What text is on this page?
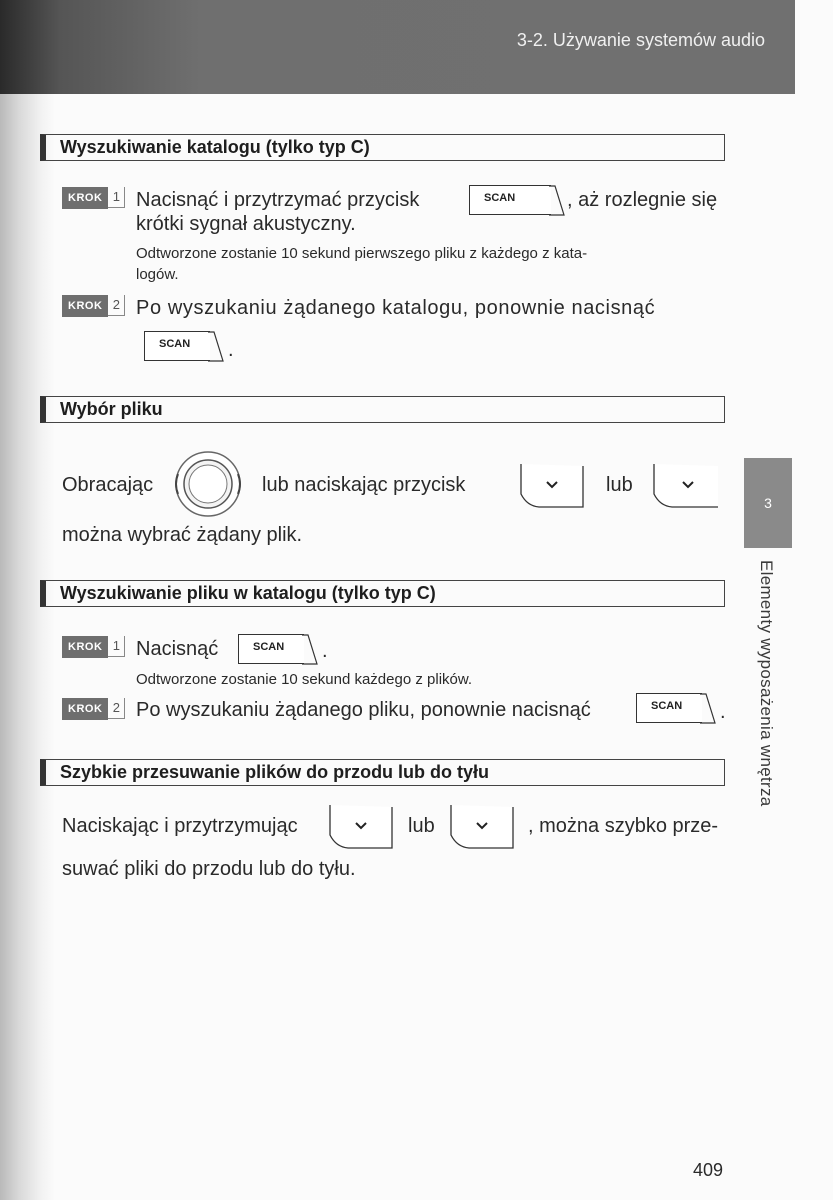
3-2. Używanie systemów audio
3
Elementy wyposażenia wnętrza
Wyszukiwanie katalogu (tylko typ C)
KROK 1 Nacisnąć i przytrzymać przycisk	SCAN	, aż rozlegnie się
krótki sygnał akustyczny.
Odtworzone zostanie 10 sekund pierwszego pliku z każdego z kata-
logów.
KROK 2 Po wyszukaniu żądanego katalogu, ponownie nacisnąć
SCAN .
Wybór pliku
Obracając	lub naciskając przycisk	lub
można wybrać żądany plik.
Wyszukiwanie pliku w katalogu (tylko typ C)
KROK 1 Nacisnąć	SCAN .
Odtworzone zostanie 10 sekund każdego z plików.
KROK 2 Po wyszukaniu żądanego pliku, ponownie nacisnąć	SCAN .
Szybkie przesuwanie plików do przodu lub do tyłu
Naciskając i przytrzymując	lub	, można szybko prze-
suwać pliki do przodu lub do tyłu.
409
